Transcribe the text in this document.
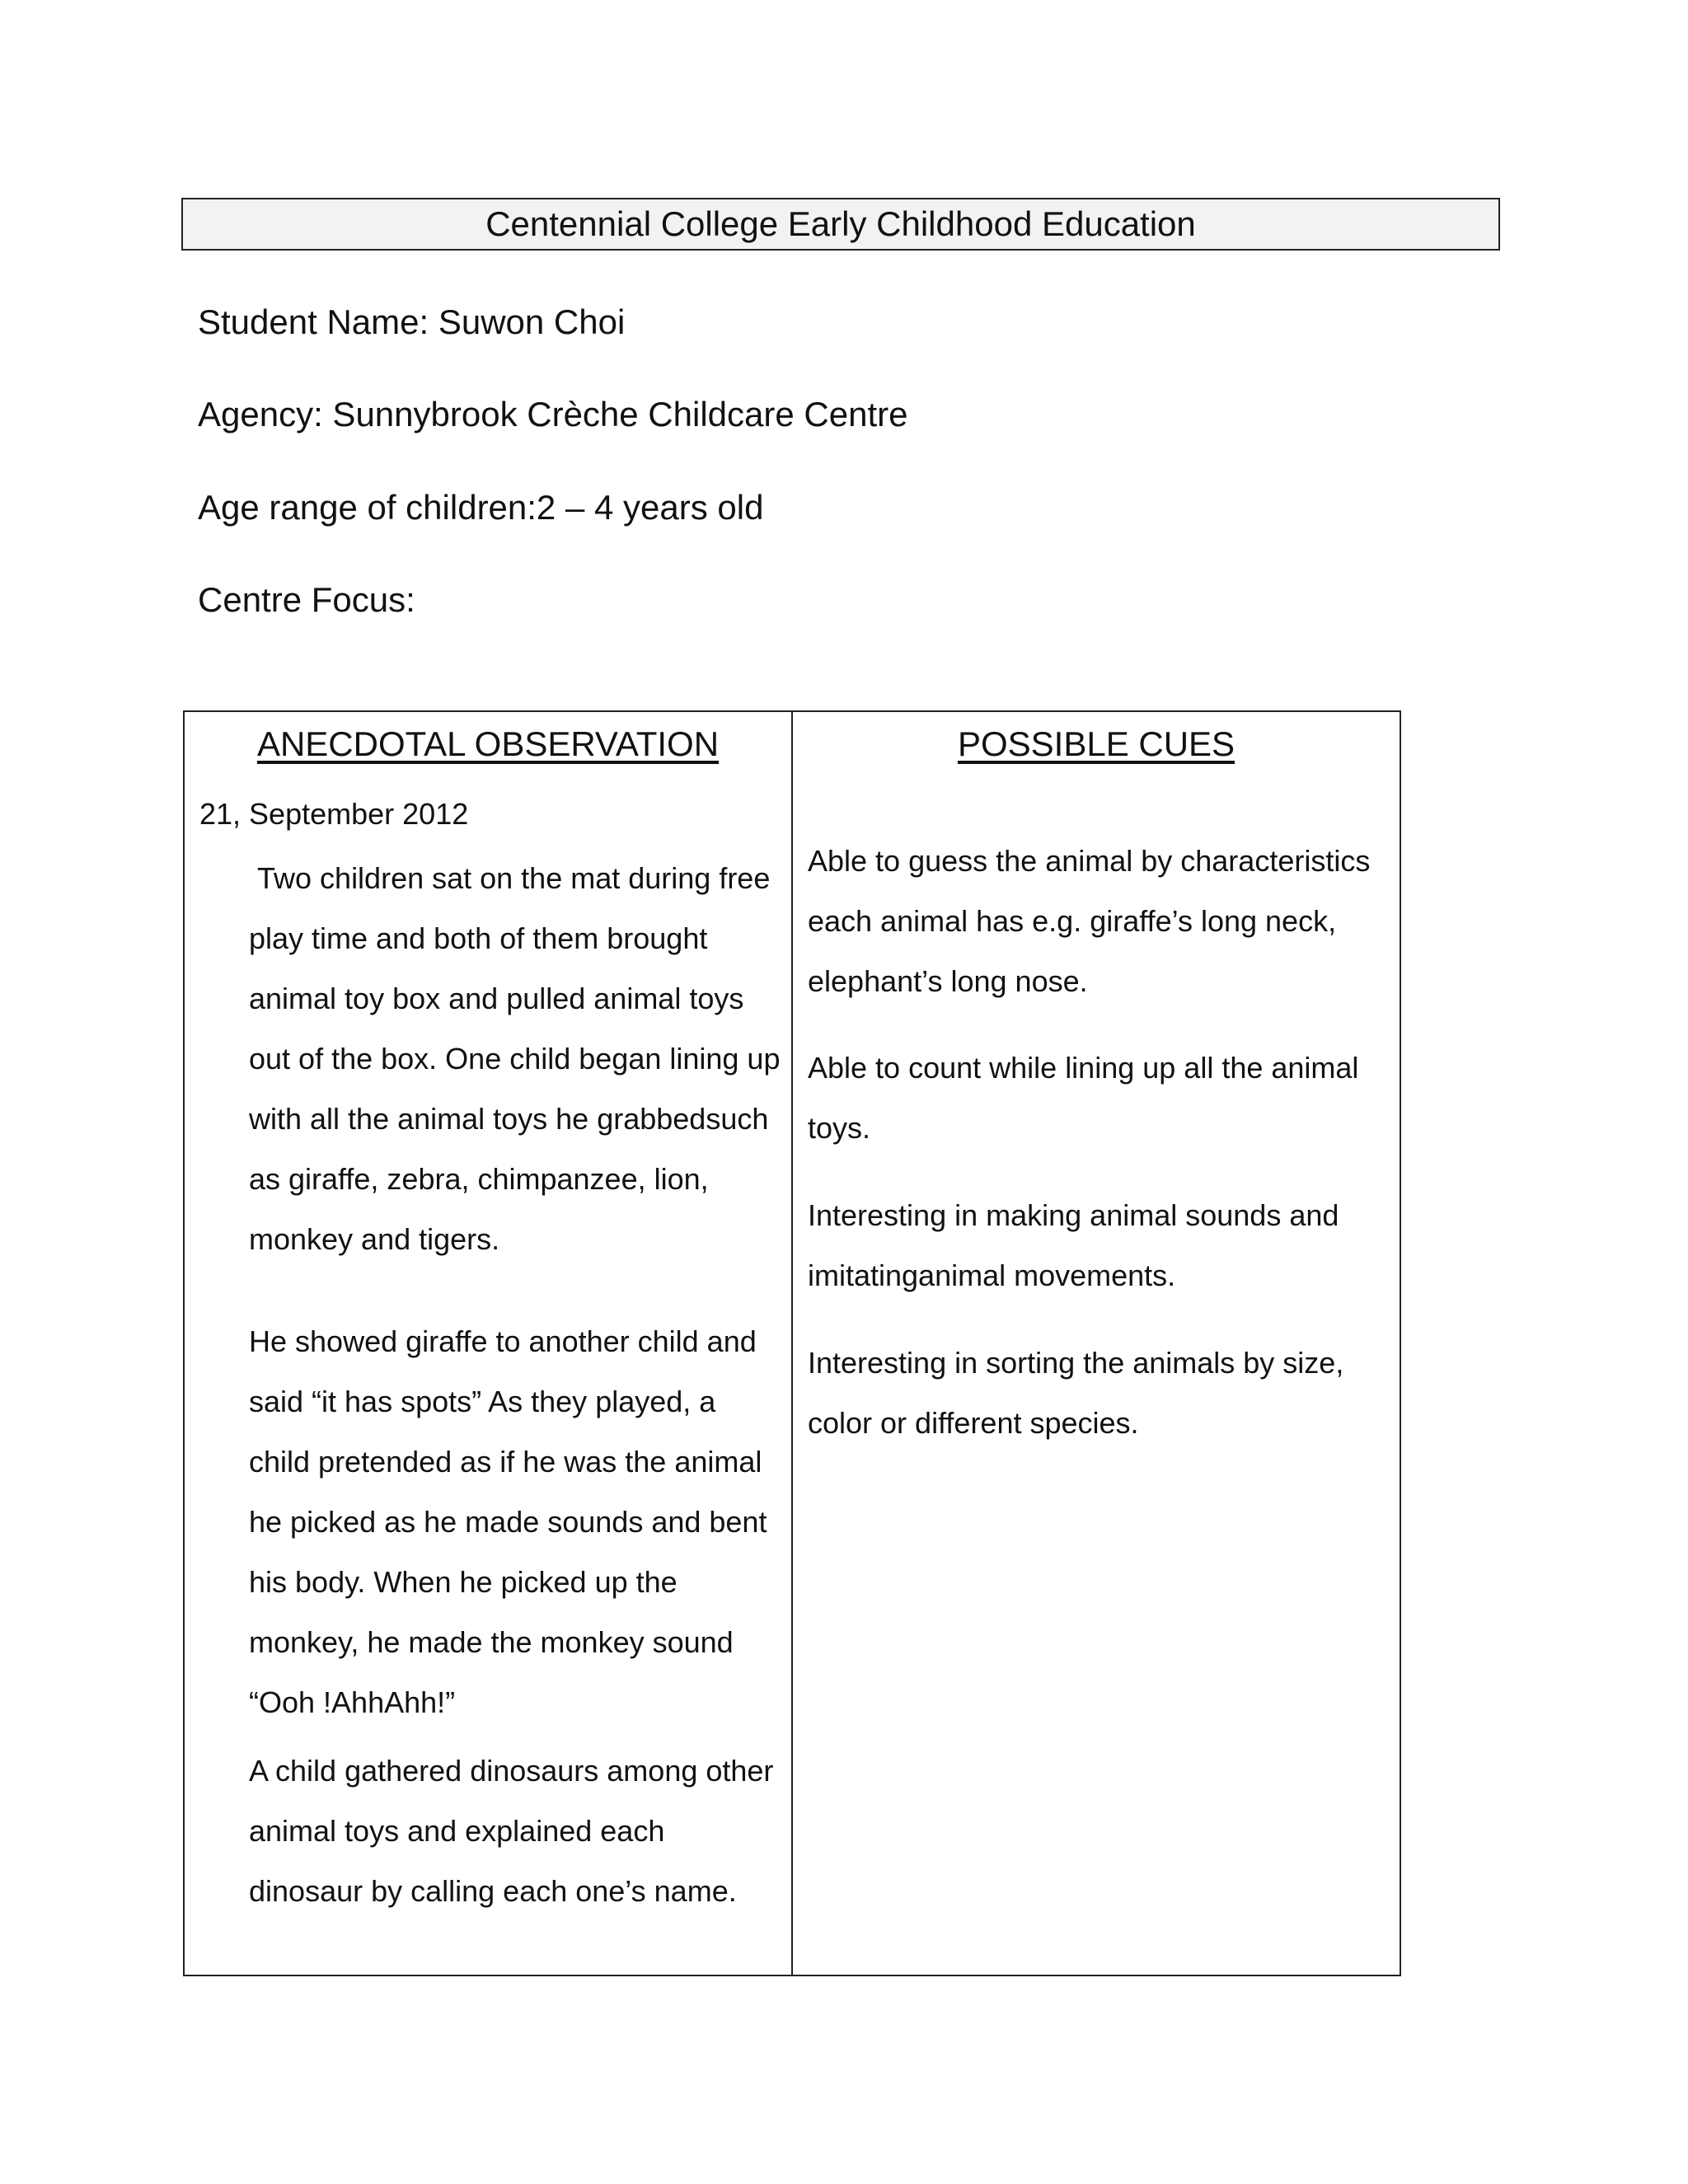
Centennial College Early Childhood Education
Student Name: Suwon Choi
Agency: Sunnybrook Crèche Childcare Centre
Age range of children:2 – 4 years old
Centre Focus:
ANECDOTAL OBSERVATION
21, September 2012

Two children sat on the mat during free play time and both of them brought animal toy box and pulled animal toys out of the box. One child began lining up with all the animal toys he grabbedsuch as giraffe, zebra, chimpanzee, lion, monkey and tigers.

He showed giraffe to another child and said “it has spots” As they played, a child pretended as if he was the animal he picked as he made sounds and bent his body. When he picked up the monkey, he made the monkey sound “Ooh !AhhAhh!”

A child gathered dinosaurs among other animal toys and explained each dinosaur by calling each one’s name.

POSSIBLE CUES

Able to guess the animal by characteristics each animal has e.g. giraffe’s long neck, elephant’s long nose.

Able to count while lining up all the animal toys.

Interesting in making animal sounds and imitatinganimal movements.

Interesting in sorting the animals by size, color or different species.
